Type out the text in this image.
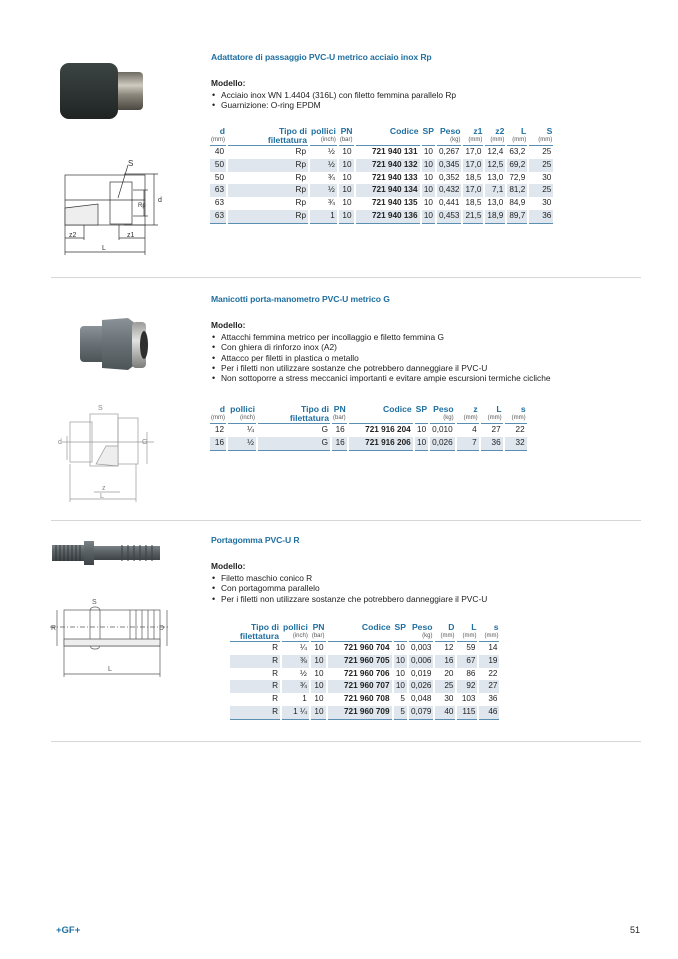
Adattatore di passaggio PVC-U metrico acciaio inox Rp
Modello:
• Acciaio inox WN 1.4404 (316L) con filetto femmina parallelo Rp
• Guarnizione: O-ring EPDM
S
d
Rp
z2	z1
L
d	Tipo di	pollici	PN	Codice	SP	Peso	z1	z2	L	S
(mm)	filettatura	(inch)	(bar)			(kg)	(mm)	(mm)	(mm)	(mm)
40	Rp	½	10	721 940 131	10	0,267	17,0	12,4	63,2	25
50	Rp	½	10	721 940 132	10	0,345	17,0	12,5	69,2	25
50	Rp	¾	10	721 940 133	10	0,352	18,5	13,0	72,9	30
63	Rp	½	10	721 940 134	10	0,432	17,0	7,1	81,2	25
63	Rp	¾	10	721 940 135	10	0,441	18,5	13,0	84,9	30
63	Rp	1	10	721 940 136	10	0,453	21,5	18,9	89,7	36
Manicotti porta-manometro PVC-U metrico G
Modello:
• Attacchi femmina metrico per incollaggio e filetto femmina G
• Con ghiera di rinforzo inox (A2)
• Attacco per filetti in plastica o metallo
• Per i filetti non utilizzare sostanze che potrebbero danneggiare il PVC-U
• Non sottoporre a stress meccanici importanti e evitare ampie escursioni termiche cicliche
S
d	G
z
L
d	pollici	Tipo di	PN	Codice	SP	Peso	z	L	s
(mm)	(inch)	filettatura	(bar)			(kg)	(mm)	(mm)	(mm)
12	¼	G	16	721 916 204	10	0,010	4	27	22
16	½	G	16	721 916 206	10	0,026	7	36	32
Portagomma PVC-U R
Modello:
• Filetto maschio conico R
• Con portagomma parallelo
• Per i filetti non utilizzare sostanze che potrebbero danneggiare il PVC-U
S
R	D
L
Tipo di	pollici	PN	Codice	SP	Peso	D	L	s

filettatura	(inch)	(bar)			(kg)	(mm)	(mm)	(mm)
R	¼	10	721 960 704	10	0,003	12	59	14
R	⅜	10	721 960 705	10	0,006	16	67	19
R	½	10	721 960 706	10	0,019	20	86	22
R	¾	10	721 960 707	10	0,026	25	92	27
R	1	10	721 960 708	5	0,048	30	103	36
R	1 ¼	10	721 960 709	5	0,079	40	115	46
+GF+	51
